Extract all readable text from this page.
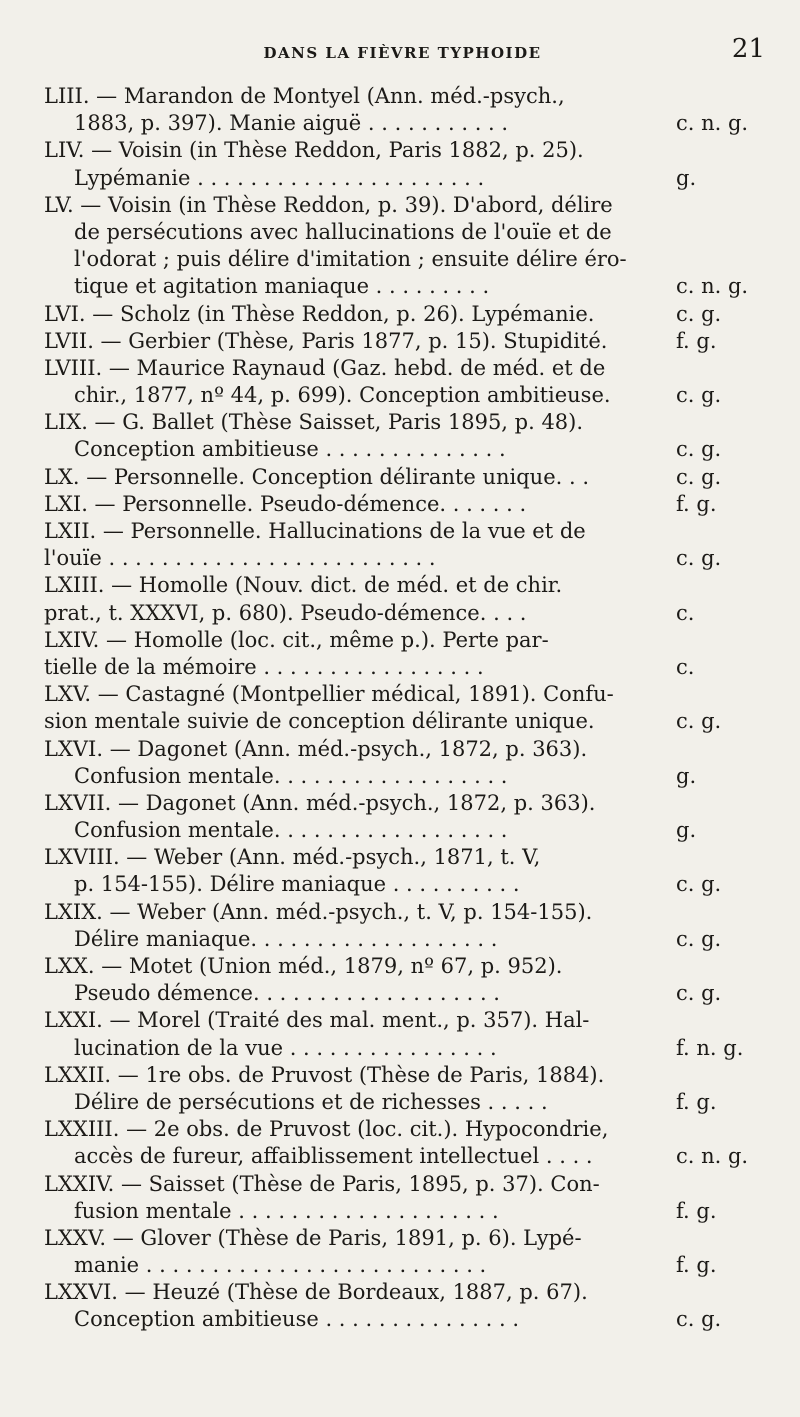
DANS LA FIÈVRE TYPHOIDE	21
LIII. — Marandon de Montyel (Ann. méd.-psych.,
1883, p. 397). Manie aiguë . . . . . . . . . . .	c. n. g.
LIV. — Voisin (in Thèse Reddon, Paris 1882, p. 25).
Lypémanie . . . . . . . . . . . . . . . . . . . . . .	g.
LV. — Voisin (in Thèse Reddon, p. 39). D'abord, délire
de persécutions avec hallucinations de l'ouïe et de
l'odorat ; puis délire d'imitation ; ensuite délire éro-
tique et agitation maniaque . . . . . . . . .	c. n. g.
LVI. — Scholz (in Thèse Reddon, p. 26). Lypémanie.	c. g.
LVII. — Gerbier (Thèse, Paris 1877, p. 15). Stupidité.	f. g.
LVIII. — Maurice Raynaud (Gaz. hebd. de méd. et de
chir., 1877, nº 44, p. 699). Conception ambitieuse.	c. g.
LIX. — G. Ballet (Thèse Saisset, Paris 1895, p. 48).
Conception ambitieuse . . . . . . . . . . . . . .	c. g.
LX. — Personnelle. Conception délirante unique. . .	c. g.
LXI. — Personnelle. Pseudo-démence. . . . . . .	f. g.
LXII. — Personnelle. Hallucinations de la vue et de
l'ouïe . . . . . . . . . . . . . . . . . . . . . . . . .	c. g.
LXIII. — Homolle (Nouv. dict. de méd. et de chir.
prat., t. XXXVI, p. 680). Pseudo-démence. . . .	c.
LXIV. — Homolle (loc. cit., même p.). Perte par-
tielle de la mémoire . . . . . . . . . . . . . . . . .	c.
LXV. — Castagné (Montpellier médical, 1891). Confu-
sion mentale suivie de conception délirante unique.	c. g.
LXVI. — Dagonet (Ann. méd.-psych., 1872, p. 363).
Confusion mentale. . . . . . . . . . . . . . . . . .	g.
LXVII. — Dagonet (Ann. méd.-psych., 1872, p. 363).
Confusion mentale. . . . . . . . . . . . . . . . . .	g.
LXVIII. — Weber (Ann. méd.-psych., 1871, t. V,
p. 154-155). Délire maniaque . . . . . . . . . .	c. g.
LXIX. — Weber (Ann. méd.-psych., t. V, p. 154-155).
Délire maniaque. . . . . . . . . . . . . . . . . . .	c. g.
LXX. — Motet (Union méd., 1879, nº 67, p. 952).
Pseudo démence. . . . . . . . . . . . . . . . . . .	c. g.
LXXI. — Morel (Traité des mal. ment., p. 357). Hal-
lucination de la vue . . . . . . . . . . . . . . . .	f. n. g.
LXXII. — 1re obs. de Pruvost (Thèse de Paris, 1884).
Délire de persécutions et de richesses . . . . .	f. g.
LXXIII. — 2e obs. de Pruvost (loc. cit.). Hypocondrie,
accès de fureur, affaiblissement intellectuel . . . .	c. n. g.
LXXIV. — Saisset (Thèse de Paris, 1895, p. 37). Con-
fusion mentale . . . . . . . . . . . . . . . . . . . .	f. g.
LXXV. — Glover (Thèse de Paris, 1891, p. 6). Lypé-
manie . . . . . . . . . . . . . . . . . . . . . . . . . .	f. g.
LXXVI. — Heuzé (Thèse de Bordeaux, 1887, p. 67).
Conception ambitieuse . . . . . . . . . . . . . . .	c. g.
